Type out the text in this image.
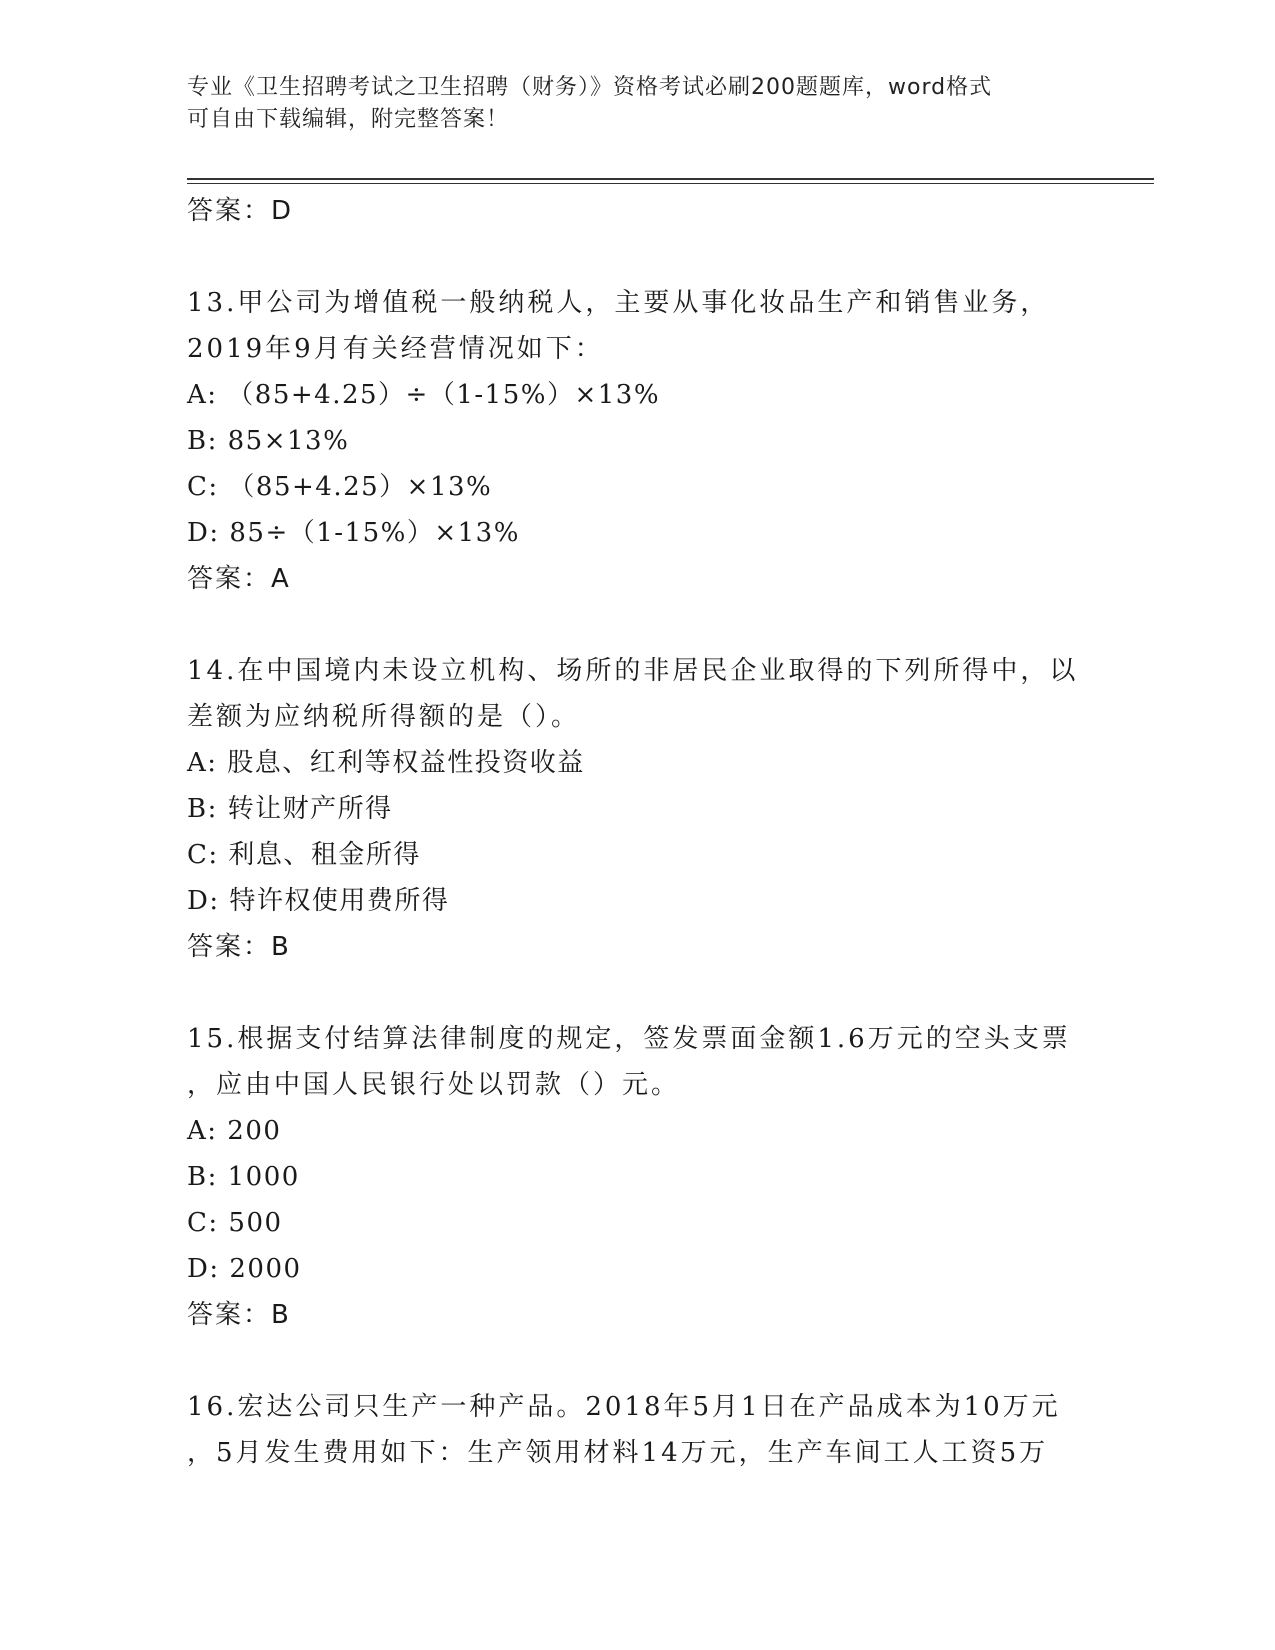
专业《卫生招聘考试之卫生招聘（财务）》资格考试必刷200题题库，word格式
可自由下载编辑，附完整答案！

答案：D

13.甲公司为增值税一般纳税人，主要从事化妆品生产和销售业务，

2019年9月有关经营情况如下：

A: （85+4.25）÷（1-15%）×13%

B: 85×13%

C: （85+4.25）×13%

D: 85÷（1-15%）×13%

答案：A

14.在中国境内未设立机构、场所的非居民企业取得的下列所得中，以

差额为应纳税所得额的是（）。

A: 股息、红利等权益性投资收益

B: 转让财产所得

C: 利息、租金所得

D: 特许权使用费所得

答案：B

15.根据支付结算法律制度的规定，签发票面金额1.6万元的空头支票

，应由中国人民银行处以罚款（）元。

A: 200

B: 1000

C: 500

D: 2000

答案：B

16.宏达公司只生产一种产品。2018年5月1日在产品成本为10万元

，5月发生费用如下：生产领用材料14万元，生产车间工人工资5万
